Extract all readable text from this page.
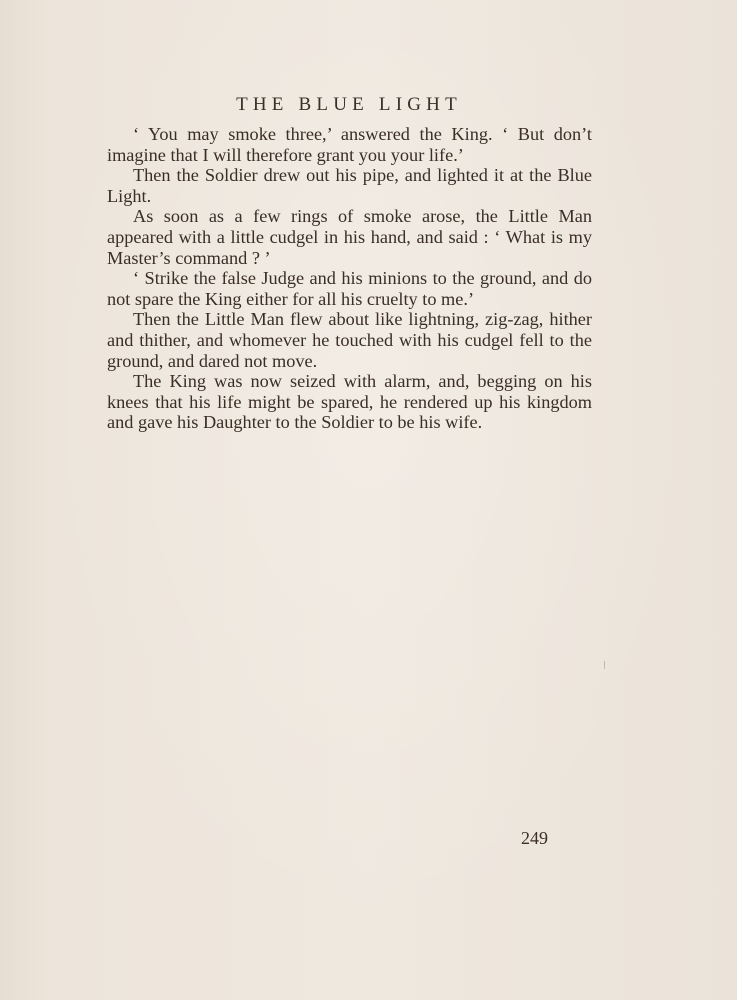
THE BLUE LIGHT

‘ You may smoke three,’ answered the King. ‘ But don’t imagine that I will therefore grant you your life.’

Then the Soldier drew out his pipe, and lighted it at the Blue Light.

As soon as a few rings of smoke arose, the Little Man appeared with a little cudgel in his hand, and said : ‘ What is my Master’s command ? ’

‘ Strike the false Judge and his minions to the ground, and do not spare the King either for all his cruelty to me.’

Then the Little Man flew about like lightning, zig-zag, hither and thither, and whomever he touched with his cudgel fell to the ground, and dared not move.

The King was now seized with alarm, and, begging on his knees that his life might be spared, he rendered up his kingdom and gave his Daughter to the Soldier to be his wife.

249
